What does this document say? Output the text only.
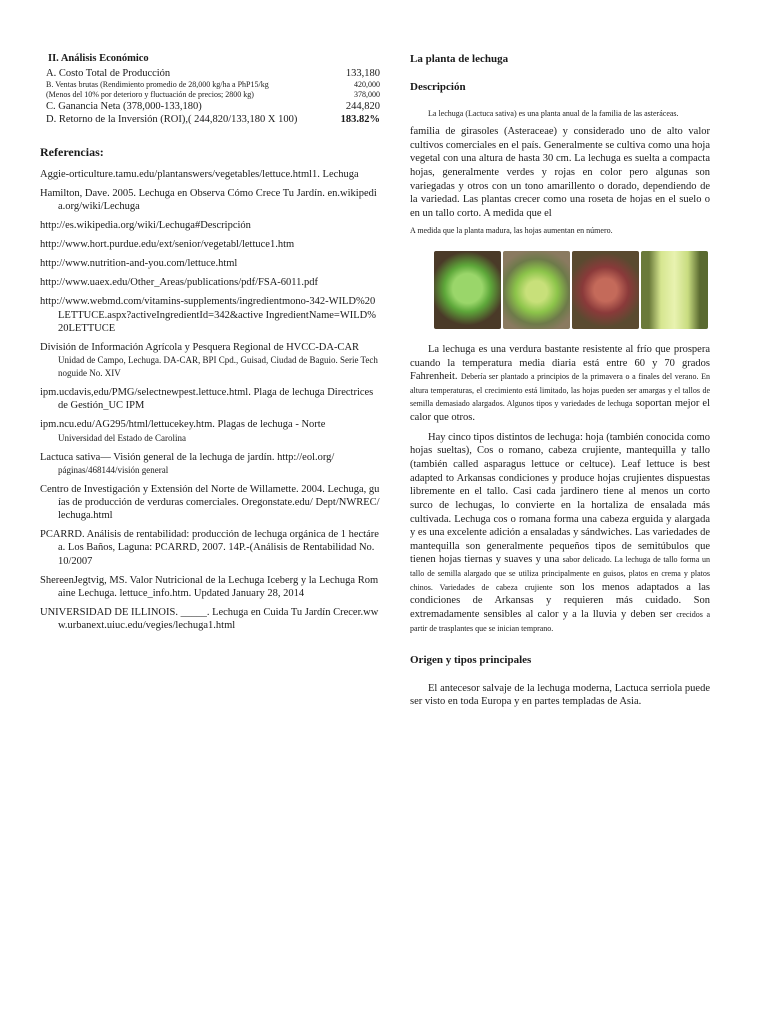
II. Análisis Económico
A. Costo Total de Producción	133,180
B. Ventas brutas (Rendimiento promedio de 28,000 kg/ha a PhP15/kg	420,000
(Menos del 10% por deterioro y fluctuación de precios; 2800 kg)	378,000
C. Ganancia Neta (378,000-133,180)	244,820
D. Retorno de la Inversión (ROI),( 244,820/133,180 X 100)	183.82%
Referencias:
Aggie-orticulture.tamu.edu/plantanswers/vegetables/lettuce.html1. Lechuga
Hamilton, Dave. 2005. Lechuga en Observa Cómo Crece Tu Jardín. en.wikipedia.org/wiki/Lechuga
http://es.wikipedia.org/wiki/Lechuga#Descripción
http://www.hort.purdue.edu/ext/senior/vegetabl/lettuce1.htm
http://www.nutrition-and-you.com/lettuce.html
http://www.uaex.edu/Other_Areas/publications/pdf/FSA-6011.pdf
http://www.webmd.com/vitamins-supplements/ingredientmono-342-WILD%20LETTUCE.aspx?activeIngredientId=342&active IngredientName=WILD%20LETTUCE
División de Información Agrícola y Pesquera Regional de HVCC-DA-CAR
Unidad de Campo, Lechuga. DA-CAR, BPI Cpd., Guisad, Ciudad de Baguio. Serie Technoguide No. XIV
ipm.ucdavis,edu/PMG/selectnewpest.lettuce.html. Plaga de lechuga Directrices de Gestión_UC IPM
ipm.ncu.edu/AG295/html/lettucekey.htm. Plagas de lechuga - Norte
Universidad del Estado de Carolina
Lactuca sativa— Visión general de la lechuga de jardín. http://eol.org/
páginas/468144/visión general
Centro de Investigación y Extensión del Norte de Willamette. 2004. Lechuga, guías de producción de verduras comerciales. Oregonstate.edu/ Dept/NWREC/lechuga.html
PCARRD. Análisis de rentabilidad: producción de lechuga orgánica de 1 hectárea. Los Baños, Laguna: PCARRD, 2007. 14P.-(Análisis de Rentabilidad No. 10/2007
ShereenJegtvig, MS. Valor Nutricional de la Lechuga Iceberg y la Lechuga Romaine Lechuga. lettuce_info.htm. Updated January 28, 2014
UNIVERSIDAD DE ILLINOIS. _____. Lechuga en Cuida Tu Jardín Crecer.www.urbanext.uiuc.edu/vegies/lechuga1.html
La planta de lechuga
Descripción

La lechuga (Lactuca sativa) es una planta anual de la familia de las asteráceas.

familia de girasoles (Asteraceae) y considerado uno de alto valor cultivos comerciales en el país. Generalmente se cultiva como una hoja vegetal con una altura de hasta 30 cm. La lechuga es suelta a compacta hojas, generalmente verdes y rojas en color pero algunas son variegadas y otros con un tono amarillento o dorado, dependiendo de la variedad. Las plantas crecer como una roseta de hojas en el suelo o en un tallo corto. A medida que el

A medida que la planta madura, las hojas aumentan en número.

La lechuga es una verdura bastante resistente al frío que prospera cuando la temperatura media diaria está entre 60 y 70 grados Fahrenheit. Debería ser plantado a principios de la primavera o a finales del verano. En altura temperaturas, el crecimiento está limitado, las hojas pueden ser amargas y el tallos de semilla demasiado alargados. Algunos tipos y variedades de lechuga soportan mejor el calor que otros.

Hay cinco tipos distintos de lechuga: hoja (también conocida como hojas sueltas), Cos o romano, cabeza crujiente, mantequilla y tallo (también called asparagus lettuce or celtuce). Leaf lettuce is best adapted to Arkansas condiciones y produce hojas crujientes dispuestas libremente en el tallo. Casi cada jardinero tiene al menos un corto surco de lechugas, lo convierte en la hortaliza de ensalada más cultivada. Lechuga cos o romana forma una cabeza erguida y alargada y es una excelente adición a ensaladas y sándwiches. Las variedades de mantequilla son generalmente pequeños tipos de semitúbulos que tienen hojas tiernas y suaves y una sabor delicado. La lechuga de tallo forma un tallo de semilla alargado que se utiliza principalmente en guisos, platos en crema y platos chinos. Variedades de cabeza crujiente son los menos adaptados a las condiciones de Arkansas y requieren más cuidado. Son extremadamente sensibles al calor y a la lluvia y deben ser crecidos a partir de trasplantes que se inician temprano.

Origen y tipos principales

El antecesor salvaje de la lechuga moderna, Lactuca serriola puede ser visto en toda Europa y en partes templadas de Asia.
